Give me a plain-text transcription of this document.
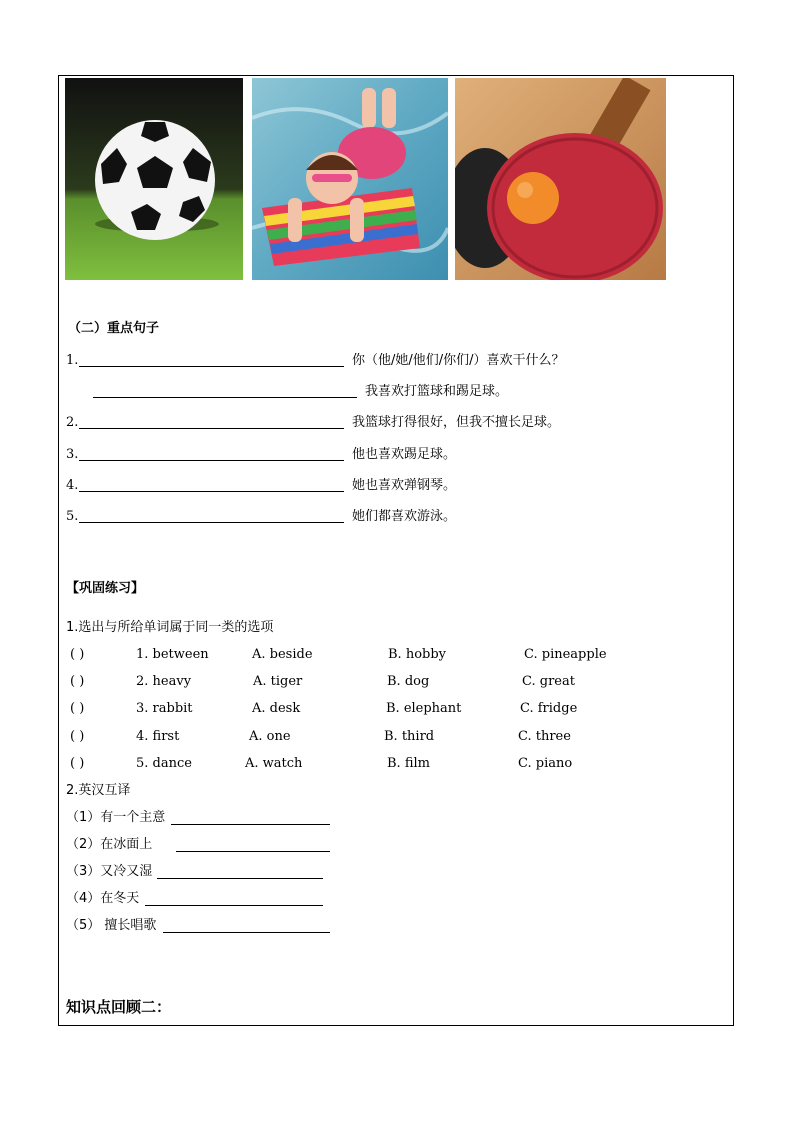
（二）重点句子
1.	你（他/她/他们/你们/）喜欢干什么？
我喜欢打篮球和踢足球。
2.	我篮球打得很好，但我不擅长足球。
3.	他也喜欢踢足球。
4.	她也喜欢弹钢琴。
5.	她们都喜欢游泳。
【巩固练习】
1.选出与所给单词属于同一类的选项
( )	1. between	A. beside	B. hobby	C. pineapple
( )	2. heavy	A. tiger	B. dog	C. great
( )	3. rabbit	A. desk	B. elephant	C. fridge
( )	4. first	A. one	B. third	C. three
( )	5. dance	A. watch	B. film	C. piano
2.英汉互译
（1）有一个主意
（2）在冰面上
（3）又冷又湿
（4）在冬天
（5） 擅长唱歌
知识点回顾二：
